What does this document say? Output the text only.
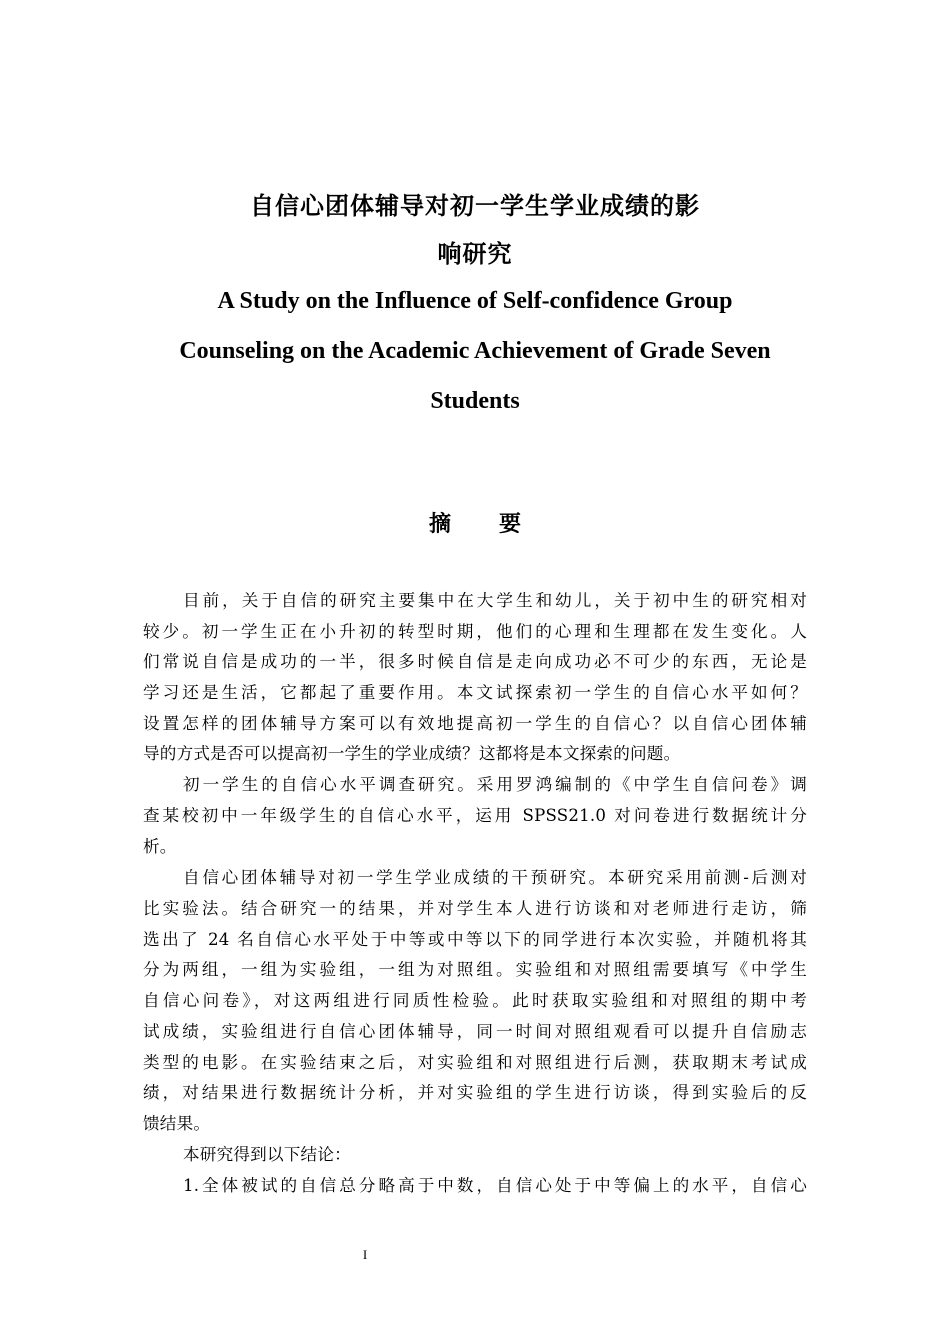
自信心团体辅导对初一学生学业成绩的影
响研究
A Study on the Influence of Self-confidence Group
Counseling on the Academic Achievement of Grade Seven
Students
摘 要
目前，关于自信的研究主要集中在大学生和幼儿，关于初中生的研究相对
较少。初一学生正在小升初的转型时期，他们的心理和生理都在发生变化。人
们常说自信是成功的一半，很多时候自信是走向成功必不可少的东西，无论是
学习还是生活，它都起了重要作用。本文试探索初一学生的自信心水平如何？
设置怎样的团体辅导方案可以有效地提高初一学生的自信心？以自信心团体辅
导的方式是否可以提高初一学生的学业成绩？这都将是本文探索的问题。
初一学生的自信心水平调查研究。采用罗鸿编制的《中学生自信问卷》调
查某校初中一年级学生的自信心水平，运用 SPSS21.0 对问卷进行数据统计分
析。
自信心团体辅导对初一学生学业成绩的干预研究。本研究采用前测-后测对
比实验法。结合研究一的结果，并对学生本人进行访谈和对老师进行走访，筛
选出了 24 名自信心水平处于中等或中等以下的同学进行本次实验，并随机将其
分为两组，一组为实验组，一组为对照组。实验组和对照组需要填写《中学生
自信心问卷》，对这两组进行同质性检验。此时获取实验组和对照组的期中考
试成绩，实验组进行自信心团体辅导，同一时间对照组观看可以提升自信励志
类型的电影。在实验结束之后，对实验组和对照组进行后测，获取期末考试成
绩，对结果进行数据统计分析，并对实验组的学生进行访谈，得到实验后的反
馈结果。
本研究得到以下结论：
1.全体被试的自信总分略高于中数，自信心处于中等偏上的水平，自信心
I
